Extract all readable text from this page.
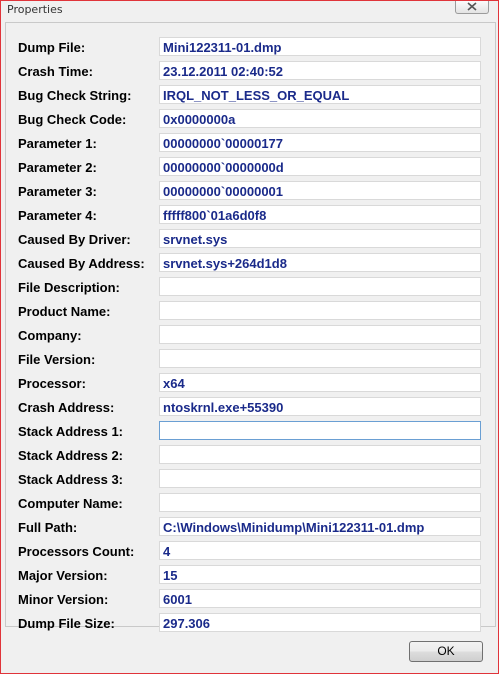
Properties
Dump File:	Mini122311-01.dmp
Crash Time:	23.12.2011 02:40:52
Bug Check String:	IRQL_NOT_LESS_OR_EQUAL
Bug Check Code:	0x0000000a
Parameter 1:	00000000`00000177
Parameter 2:	00000000`0000000d
Parameter 3:	00000000`00000001
Parameter 4:	fffff800`01a6d0f8
Caused By Driver:	srvnet.sys
Caused By Address:	srvnet.sys+264d1d8
File Description:
Product Name:
Company:
File Version:
Processor:	x64
Crash Address:	ntoskrnl.exe+55390
Stack Address 1:
Stack Address 2:
Stack Address 3:
Computer Name:
Full Path:	C:\Windows\Minidump\Mini122311-01.dmp
Processors Count:	4
Major Version:	15
Minor Version:	6001
Dump File Size:	297.306
OK
